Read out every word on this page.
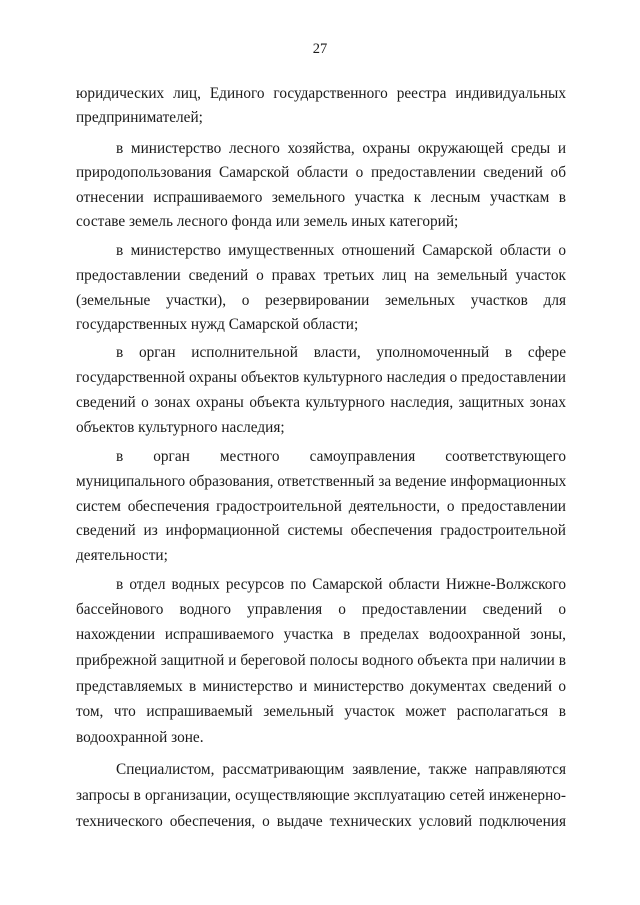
27
юридических лиц, Единого государственного реестра индивидуальных
предпринимателей;
в министерство лесного хозяйства, охраны окружающей среды и
природопользования Самарской области о предоставлении сведений об
отнесении испрашиваемого земельного участка к лесным участкам в
составе земель лесного фонда или земель иных категорий;
в министерство имущественных отношений Самарской области о
предоставлении сведений о правах третьих лиц на земельный участок
(земельные участки), о резервировании земельных участков для
государственных нужд Самарской области;
в орган исполнительной власти, уполномоченный в сфере
государственной охраны объектов культурного наследия о предоставлении
сведений о зонах охраны объекта культурного наследия, защитных зонах
объектов культурного наследия;
в орган местного самоуправления соответствующего
муниципального образования, ответственный за ведение информационных
систем обеспечения градостроительной деятельности, о предоставлении
сведений из информационной системы обеспечения градостроительной
деятельности;
в отдел водных ресурсов по Самарской области Нижне-Волжского
бассейнового водного управления о предоставлении сведений о
нахождении испрашиваемого участка в пределах водоохранной зоны,
прибрежной защитной и береговой полосы водного объекта при наличии в
представляемых в министерство и министерство документах сведений о
том, что испрашиваемый земельный участок может располагаться в
водоохранной зоне.
Специалистом, рассматривающим заявление, также направляются
запросы в организации, осуществляющие эксплуатацию сетей инженерно-
технического обеспечения, о выдаче технических условий подключения
